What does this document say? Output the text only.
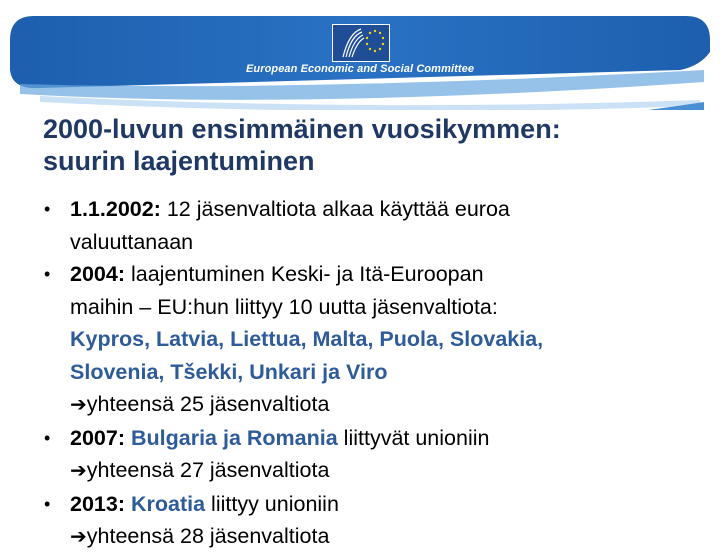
European Economic and Social Committee
2000-luvun ensimmäinen vuosikymmen:
suurin laajentuminen
• 1.1.2002: 12 jäsenvaltiota alkaa käyttää euroa
valuuttanaan
• 2004: laajentuminen Keski- ja Itä-Euroopan
maihin – EU:hun liittyy 10 uutta jäsenvaltiota:
Kypros, Latvia, Liettua, Malta, Puola, Slovakia,
Slovenia, Tšekki, Unkari ja Viro
➔yhteensä 25 jäsenvaltiota
• 2007: Bulgaria ja Romania liittyvät unioniin
➔yhteensä 27 jäsenvaltiota
• 2013: Kroatia liittyy unioniin
➔yhteensä 28 jäsenvaltiota
